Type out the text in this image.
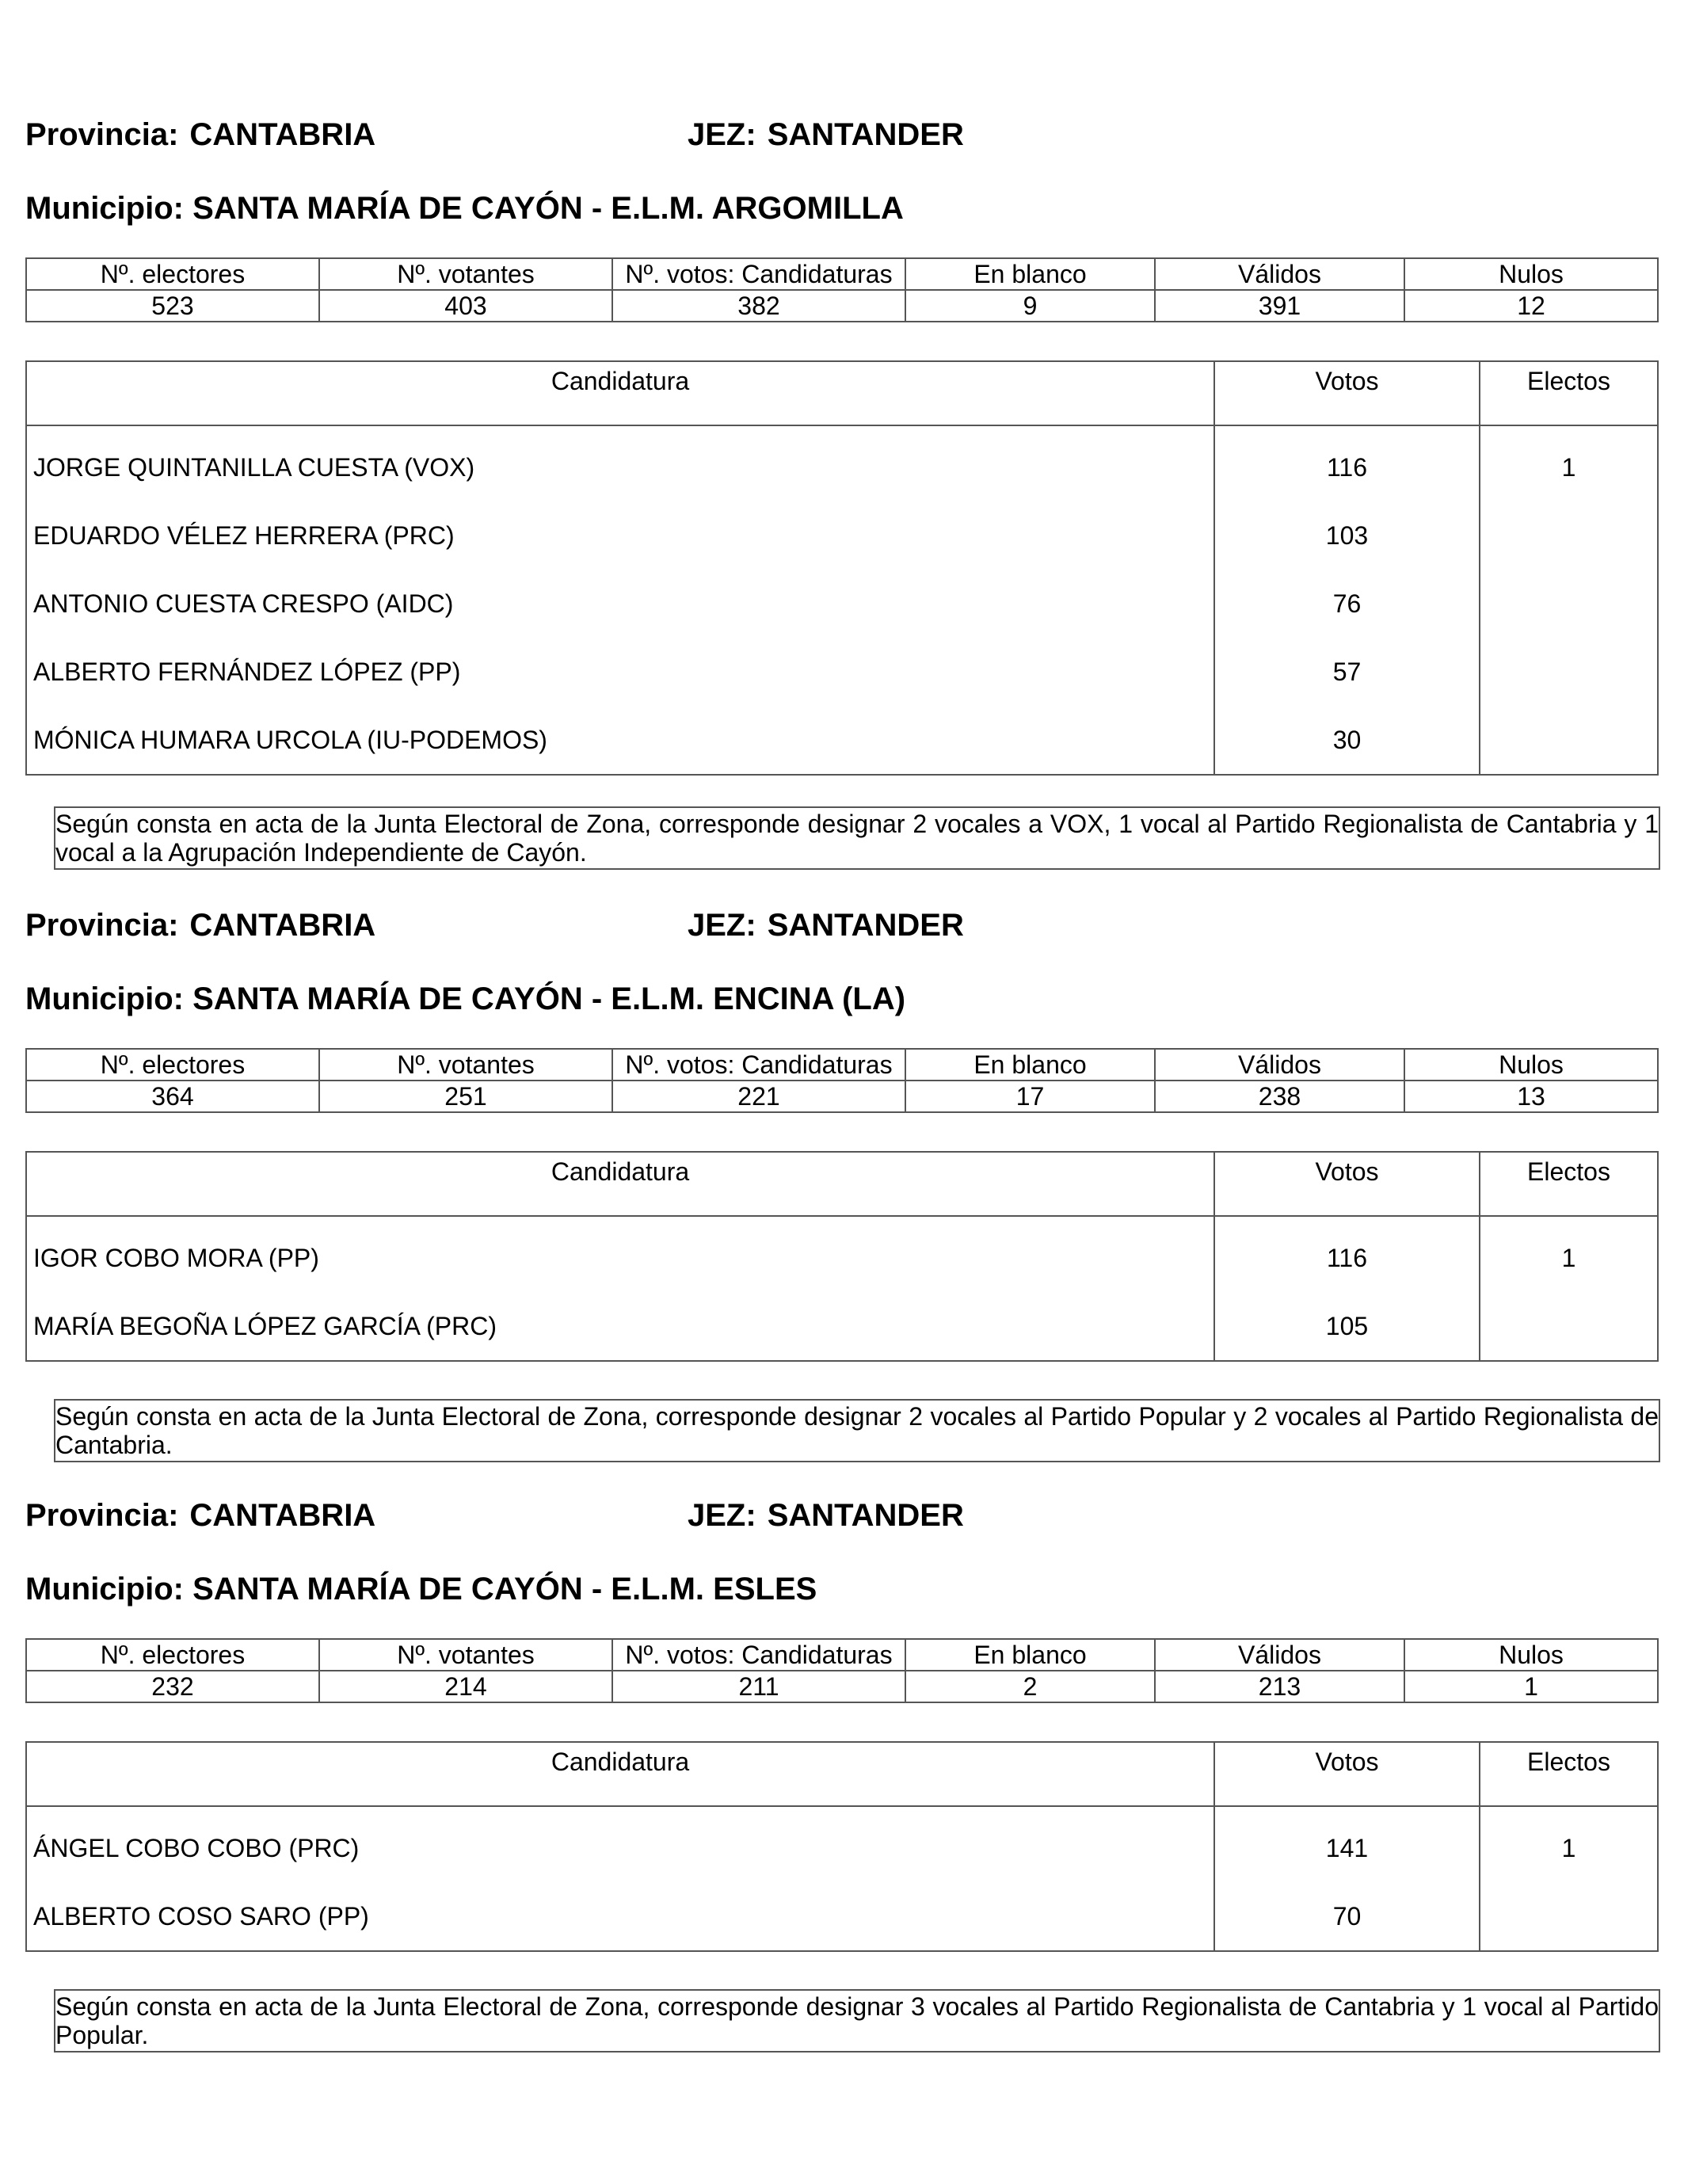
Provincia: CANTABRIA	JEZ: SANTANDER
Municipio: SANTA MARÍA DE CAYÓN - E.L.M. ARGOMILLA
Nº. electores	Nº. votantes	Nº. votos: Candidaturas	En blanco	Válidos	Nulos
523	403	382	9	391	12
Candidatura	Votos	Electos
JORGE QUINTANILLA CUESTA (VOX)	116	1
EDUARDO VÉLEZ HERRERA (PRC)	103	
ANTONIO CUESTA CRESPO (AIDC)	76	
ALBERTO FERNÁNDEZ LÓPEZ (PP)	57	
MÓNICA HUMARA URCOLA (IU-PODEMOS)	30	
Según consta en acta de la Junta Electoral de Zona, corresponde designar 2 vocales a VOX, 1 vocal al Partido Regionalista de Cantabria y 1 vocal a la Agrupación Independiente de Cayón.
Provincia: CANTABRIA	JEZ: SANTANDER
Municipio: SANTA MARÍA DE CAYÓN - E.L.M. ENCINA (LA)
Nº. electores	Nº. votantes	Nº. votos: Candidaturas	En blanco	Válidos	Nulos
364	251	221	17	238	13
Candidatura	Votos	Electos
IGOR COBO MORA (PP)	116	1
MARÍA BEGOÑA LÓPEZ GARCÍA (PRC)	105	
Según consta en acta de la Junta Electoral de Zona, corresponde designar 2 vocales al Partido Popular y 2 vocales al Partido Regionalista de Cantabria.
Provincia: CANTABRIA	JEZ: SANTANDER
Municipio: SANTA MARÍA DE CAYÓN - E.L.M. ESLES
Nº. electores	Nº. votantes	Nº. votos: Candidaturas	En blanco	Válidos	Nulos
232	214	211	2	213	1
Candidatura	Votos	Electos
ÁNGEL COBO COBO (PRC)	141	1
ALBERTO COSO SARO (PP)	70	
Según consta en acta de la Junta Electoral de Zona, corresponde designar 3 vocales al Partido Regionalista de Cantabria y 1 vocal al Partido Popular.
